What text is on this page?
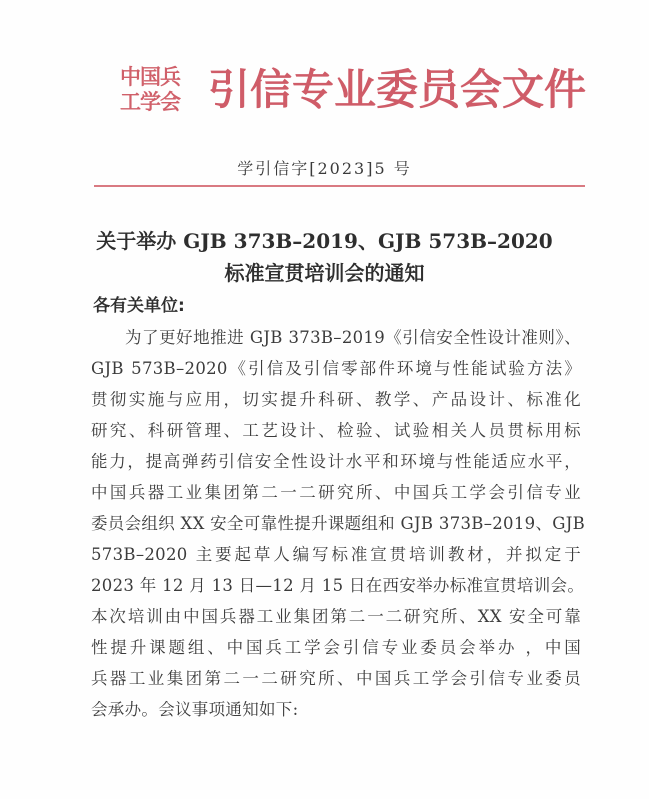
中国兵
工学会 引信专业委员会文件
学引信字[2023]5 号
关于举办 GJB 373B–2019、GJB 573B–2020
标准宣贯培训会的通知
各有关单位:
为了更好地推进 GJB 373B–2019《引信安全性设计准则》、
GJB 573B–2020《引信及引信零部件环境与性能试验方法》
贯彻实施与应用，切实提升科研、教学、产品设计、标准化
研究、科研管理、工艺设计、检验、试验相关人员贯标用标
能力，提高弹药引信安全性设计水平和环境与性能适应水平，
中国兵器工业集团第二一二研究所、中国兵工学会引信专业
委员会组织 XX 安全可靠性提升课题组和 GJB 373B–2019、GJB
573B–2020 主要起草人编写标准宣贯培训教材，并拟定于
2023 年 12 月 13 日—12 月 15 日在西安举办标准宣贯培训会。
本次培训由中国兵器工业集团第二一二研究所、XX 安全可靠
性提升课题组、中国兵工学会引信专业委员会举办 ，中国
兵器工业集团第二一二研究所、中国兵工学会引信专业委员
会承办。会议事项通知如下:
